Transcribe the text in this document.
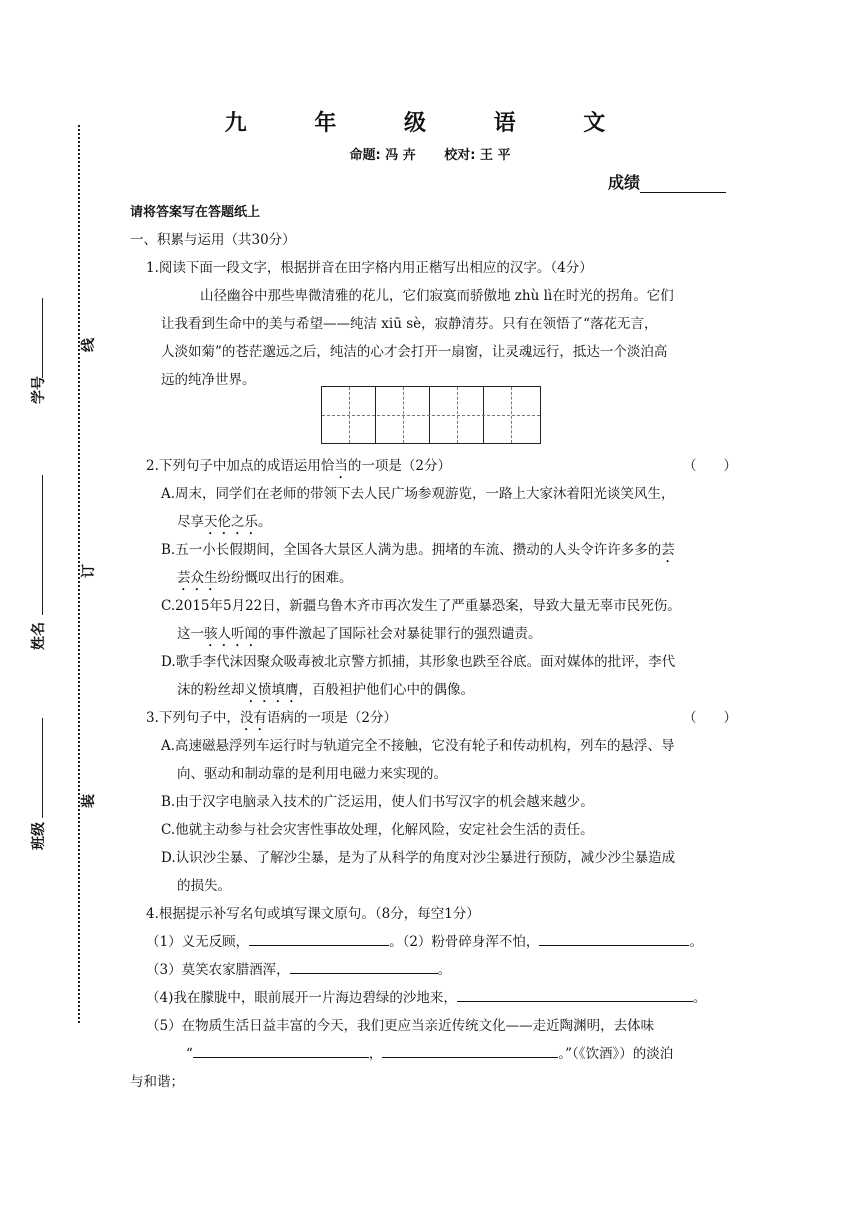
学号
姓名
班级
线
订
装
九 年 级 语 文
命题: 冯 卉 校对: 王 平
成绩
请将答案写在答题纸上
一、积累与运用（共30分）
1.阅读下面一段文字，根据拼音在田字格内用正楷写出相应的汉字。（4分）
山径幽谷中那些卑微清雅的花儿，它们寂寞而骄傲地 zhù lì在时光的拐角。它们
让我看到生命中的美与希望——纯洁 xiū sè，寂静清芬。只有在领悟了“落花无言，
人淡如菊”的苍茫邈远之后，纯洁的心才会打开一扇窗，让灵魂远行，抵达一个淡泊高
远的纯净世界。
2.下列句子中加点的成语运用恰当的一项是（2分）	（　　）
A.周末，同学们在老师的带领下去人民广场参观游览，一路上大家沐着阳光谈笑风生，
尽享天伦之乐。
B.五一小长假期间，全国各大景区人满为患。拥堵的车流、攒动的人头令许许多多的芸
芸众生纷纷慨叹出行的困难。
C.2015年5月22日，新疆乌鲁木齐市再次发生了严重暴恐案，导致大量无辜市民死伤。
这一骇人听闻的事件激起了国际社会对暴徒罪行的强烈谴责。
D.歌手李代沫因聚众吸毒被北京警方抓捕，其形象也跌至谷底。面对媒体的批评，李代
沫的粉丝却义愤填膺，百般袒护他们心中的偶像。
3.下列句子中，没有语病的一项是（2分）	（　　）
A.高速磁悬浮列车运行时与轨道完全不接触，它没有轮子和传动机构，列车的悬浮、导
向、驱动和制动靠的是利用电磁力来实现的。
B.由于汉字电脑录入技术的广泛运用，使人们书写汉字的机会越来越少。
C.他就主动参与社会灾害性事故处理，化解风险，安定社会生活的责任。
D.认识沙尘暴、了解沙尘暴，是为了从科学的角度对沙尘暴进行预防，减少沙尘暴造成
的损失。
4.根据提示补写名句或填写课文原句。（8分，每空1分）
（1）义无反顾，	。（2）粉骨碎身浑不怕，	。
（3）莫笑农家腊酒浑，	。
（4)我在朦胧中，眼前展开一片海边碧绿的沙地来，	。
（5）在物质生活日益丰富的今天，我们更应当亲近传统文化——走近陶渊明，去体味
“	，	。”（《饮酒》）的淡泊
与和谐；
